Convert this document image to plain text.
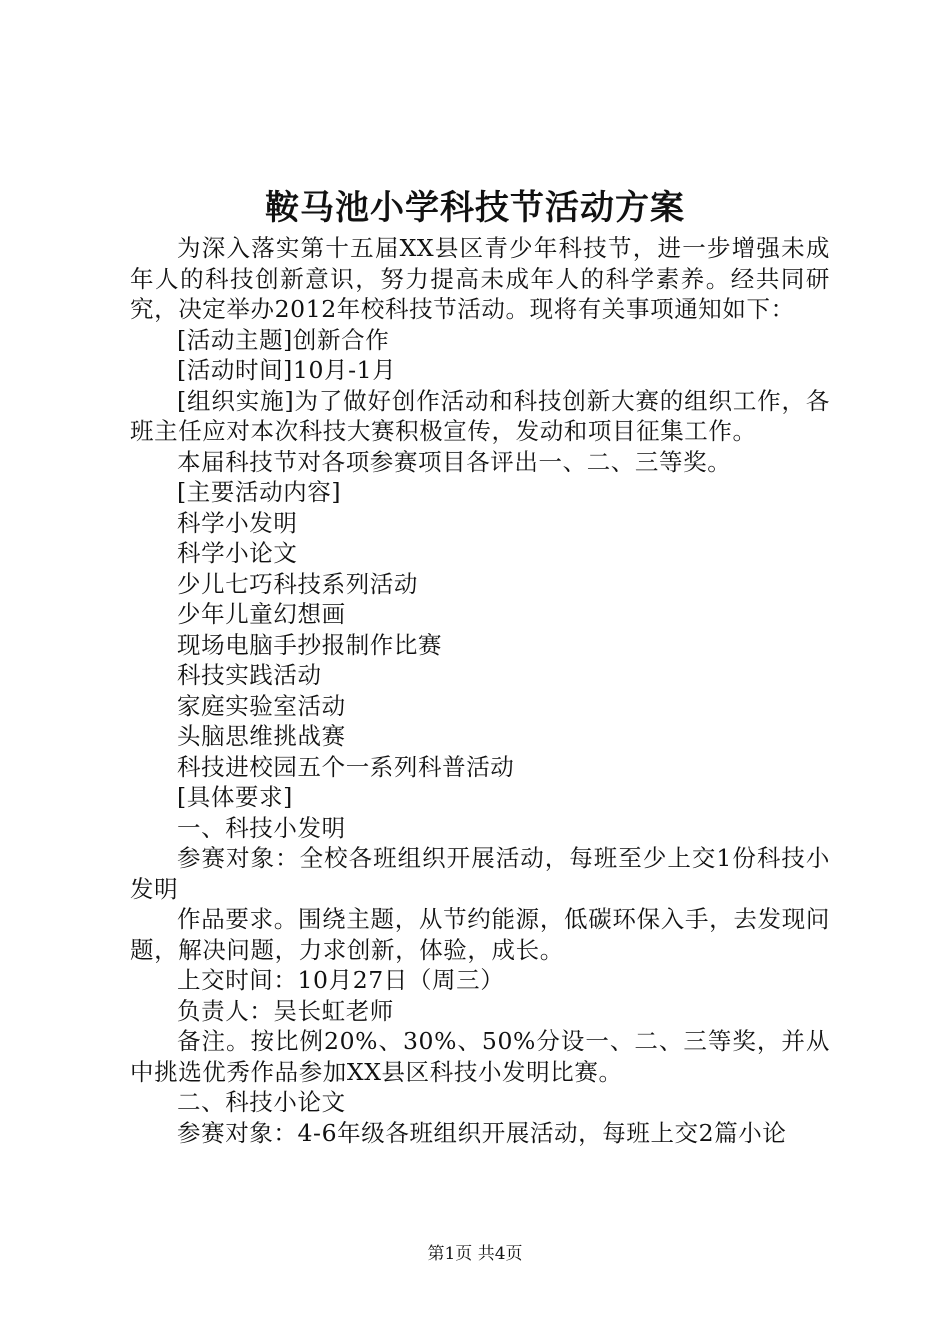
鞍马池小学科技节活动方案

为深入落实第十五届XX县区青少年科技节，进一步增强未成年人的科技创新意识，努力提高未成年人的科学素养。经共同研究，决定举办2012年校科技节活动。现将有关事项通知如下：

[活动主题]创新合作

[活动时间]10月-1月

[组织实施]为了做好创作活动和科技创新大赛的组织工作，各班主任应对本次科技大赛积极宣传，发动和项目征集工作。

本届科技节对各项参赛项目各评出一、二、三等奖。

[主要活动内容]

科学小发明

科学小论文

少儿七巧科技系列活动

少年儿童幻想画

现场电脑手抄报制作比赛

科技实践活动

家庭实验室活动

头脑思维挑战赛

科技进校园五个一系列科普活动

[具体要求]

一、科技小发明

参赛对象：全校各班组织开展活动，每班至少上交1份科技小发明

作品要求。围绕主题，从节约能源，低碳环保入手，去发现问题，解决问题，力求创新，体验，成长。

上交时间：10月27日（周三）

负责人：吴长虹老师

备注。按比例20%、30%、50%分设一、二、三等奖，并从中挑选优秀作品参加XX县区科技小发明比赛。

二、科技小论文

参赛对象：4-6年级各班组织开展活动，每班上交2篇小论

第1页 共4页
